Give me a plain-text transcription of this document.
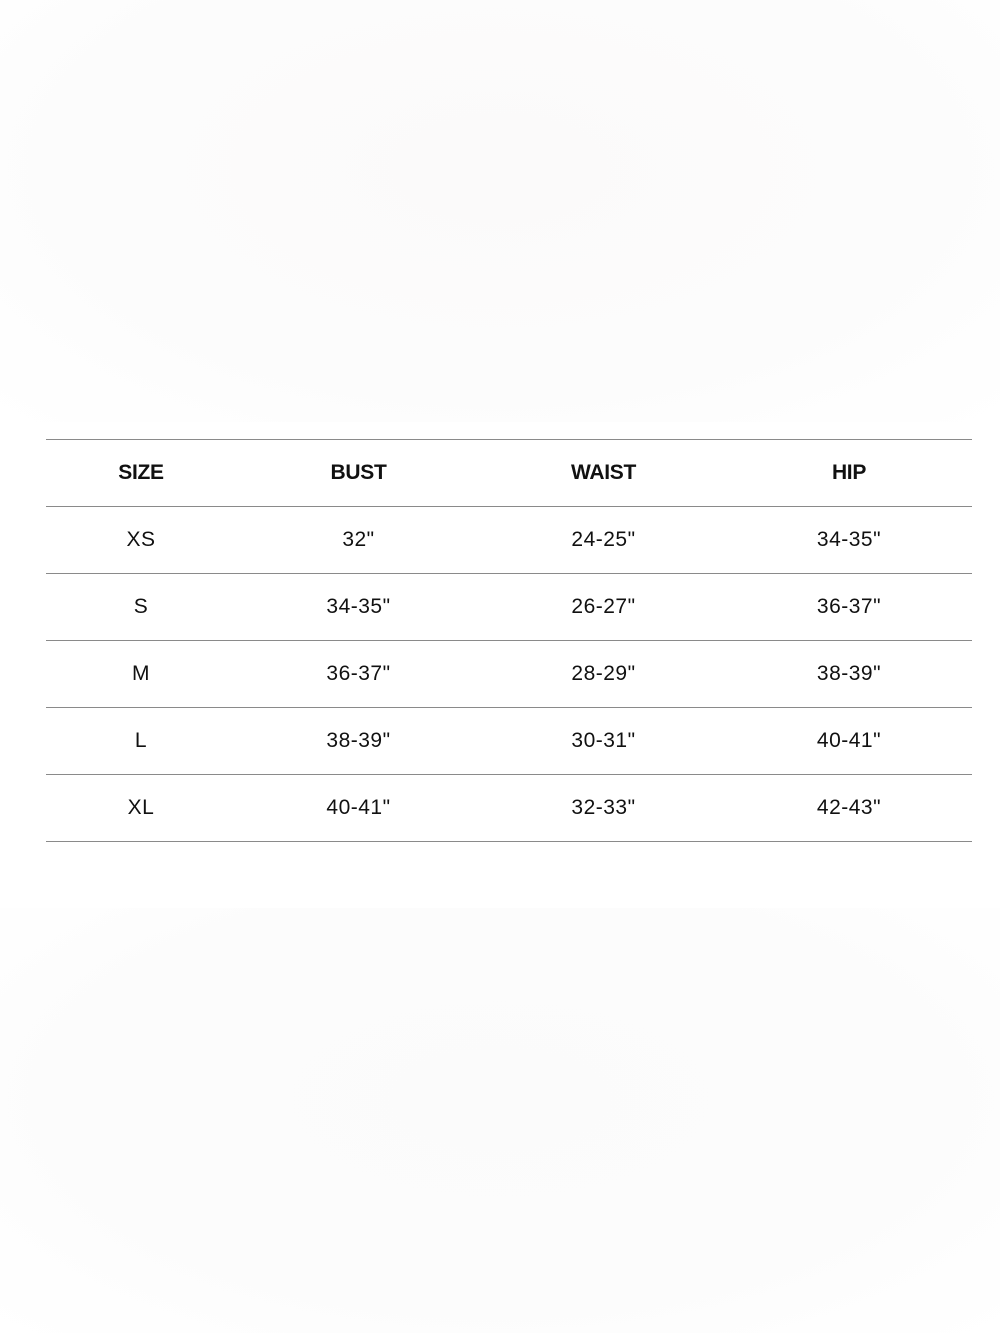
SIZE	BUST	WAIST	HIP
XS	32"	24-25"	34-35"
S	34-35"	26-27"	36-37"
M	36-37"	28-29"	38-39"
L	38-39"	30-31"	40-41"
XL	40-41"	32-33"	42-43"
